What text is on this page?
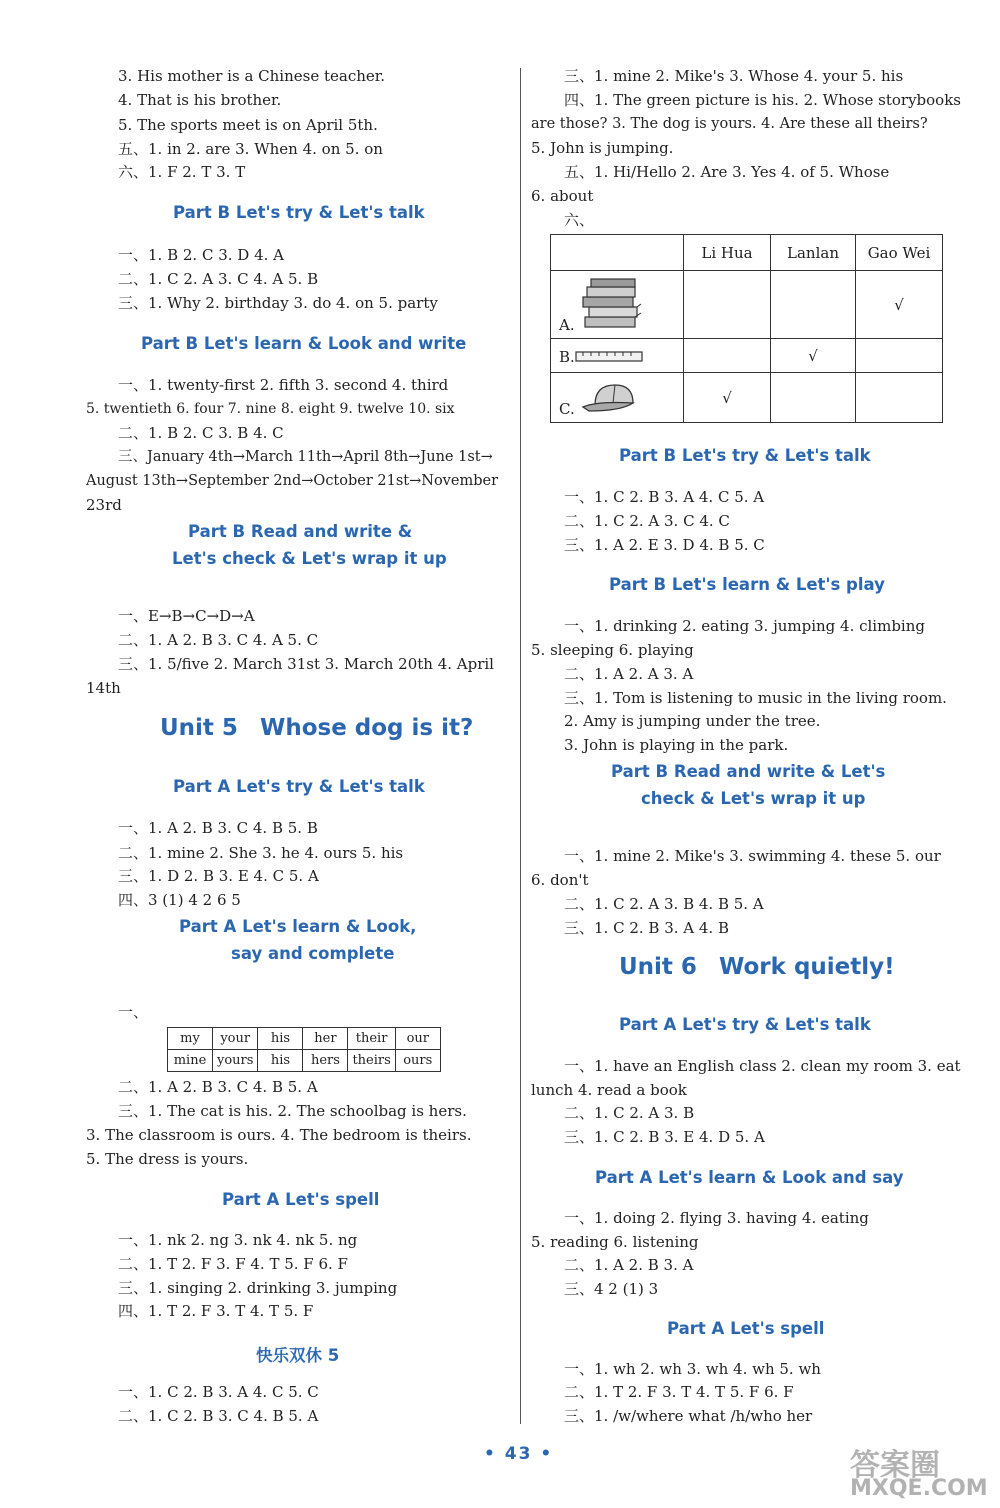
3. His mother is a Chinese teacher.
4. That is his brother.
5. The sports meet is on April 5th.
五、1. in 2. are 3. When 4. on 5. on
六、1. F 2. T 3. T
Part B Let's try & Let's talk
一、1. B 2. C 3. D 4. A
二、1. C 2. A 3. C 4. A 5. B
三、1. Why 2. birthday 3. do 4. on 5. party
Part B Let's learn & Look and write
一、1. twenty-first 2. fifth 3. second 4. third
5. twentieth 6. four 7. nine 8. eight 9. twelve 10. six
二、1. B 2. C 3. B 4. C
三、January 4th→March 11th→April 8th→June 1st→
August 13th→September 2nd→October 21st→November
23rd
Part B Read and write &
Let's check & Let's wrap it up
一、E→B→C→D→A
二、1. A 2. B 3. C 4. A 5. C
三、1. 5/five 2. March 31st 3. March 20th 4. April
14th
Unit 5 Whose dog is it?
Part A Let's try & Let's talk
一、1. A 2. B 3. C 4. B 5. B
二、1. mine 2. She 3. he 4. ours 5. his
三、1. D 2. B 3. E 4. C 5. A
四、3 (1) 4 2 6 5
Part A Let's learn & Look,
say and complete
一、
my	your	his	her	their	our
mine	yours	his	hers	theirs	ours
二、1. A 2. B 3. C 4. B 5. A
三、1. The cat is his. 2. The schoolbag is hers.
3. The classroom is ours. 4. The bedroom is theirs.
5. The dress is yours.
Part A Let's spell
一、1. nk 2. ng 3. nk 4. nk 5. ng
二、1. T 2. F 3. F 4. T 5. F 6. F
三、1. singing 2. drinking 3. jumping
四、1. T 2. F 3. T 4. T 5. F
快乐双休 5
一、1. C 2. B 3. A 4. C 5. C
二、1. C 2. B 3. C 4. B 5. A
三、1. mine 2. Mike's 3. Whose 4. your 5. his
四、1. The green picture is his. 2. Whose storybooks
are those? 3. The dog is yours. 4. Are these all theirs?
5. John is jumping.
五、1. Hi/Hello 2. Are 3. Yes 4. of 5. Whose
6. about
六、
	Li Hua	Lanlan	Gao Wei

A.			√

B.		√	

C.	√		
Part B Let's try & Let's talk
一、1. C 2. B 3. A 4. C 5. A
二、1. C 2. A 3. C 4. C
三、1. A 2. E 3. D 4. B 5. C
Part B Let's learn & Let's play
一、1. drinking 2. eating 3. jumping 4. climbing
5. sleeping 6. playing
二、1. A 2. A 3. A
三、1. Tom is listening to music in the living room.
2. Amy is jumping under the tree.
3. John is playing in the park.
Part B Read and write & Let's
check & Let's wrap it up
一、1. mine 2. Mike's 3. swimming 4. these 5. our
6. don't
二、1. C 2. A 3. B 4. B 5. A
三、1. C 2. B 3. A 4. B
Unit 6 Work quietly!
Part A Let's try & Let's talk
一、1. have an English class 2. clean my room 3. eat
lunch 4. read a book
二、1. C 2. A 3. B
三、1. C 2. B 3. E 4. D 5. A
Part A Let's learn & Look and say
一、1. doing 2. flying 3. having 4. eating
5. reading 6. listening
二、1. A 2. B 3. A
三、4 2 (1) 3
Part A Let's spell
一、1. wh 2. wh 3. wh 4. wh 5. wh
二、1. T 2. F 3. T 4. T 5. F 6. F
三、1. /w/where what /h/who her
• 43 •	答案圈
MXQE.COM
